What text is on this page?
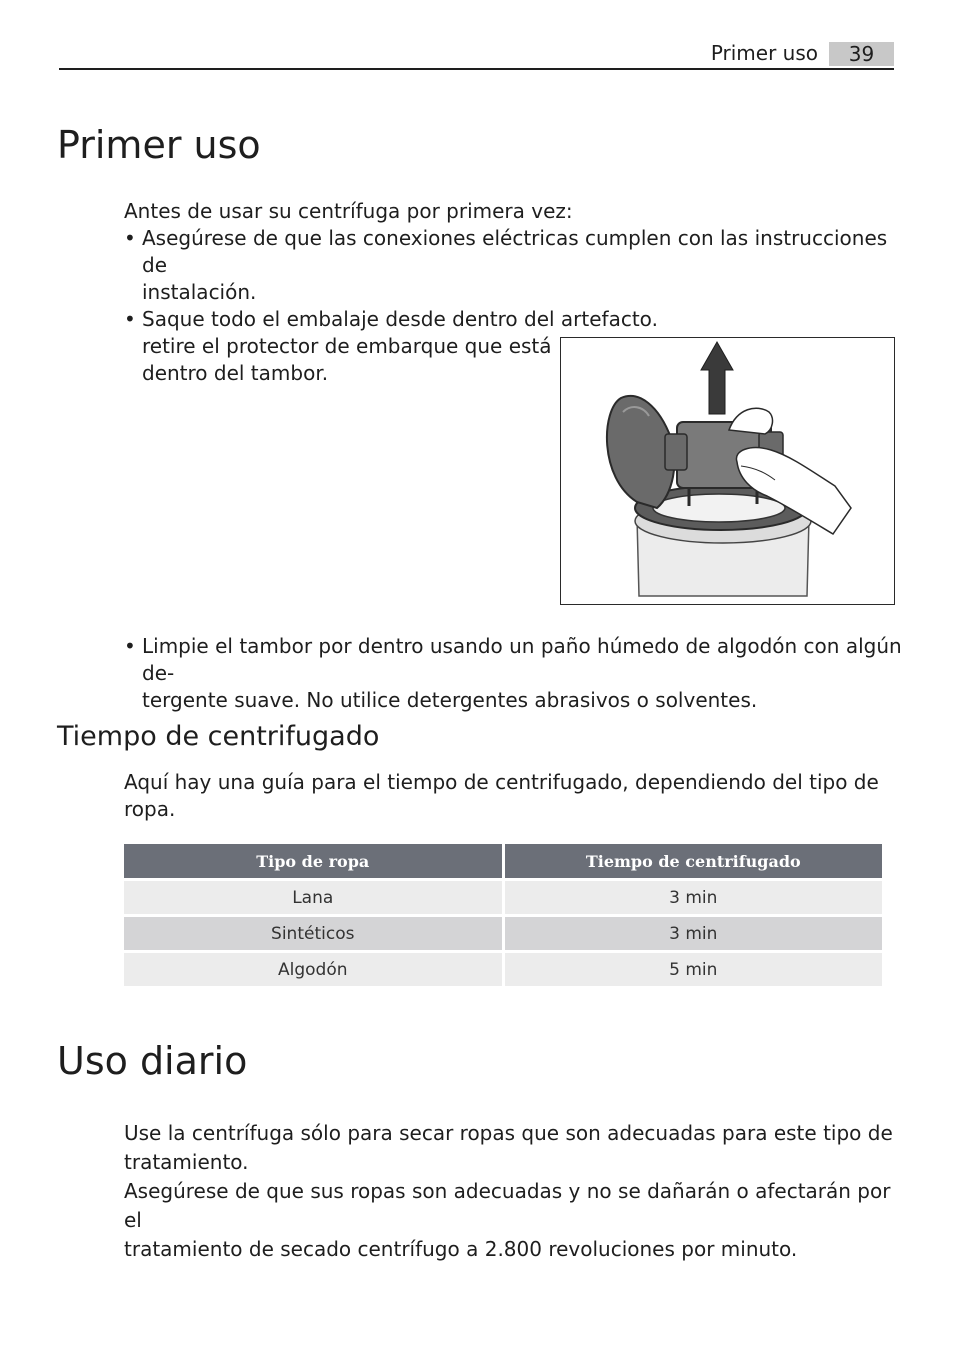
Primer uso	39
Primer uso

Antes de usar su centrífuga por primera vez:

• Asegúrese de que las conexiones eléctricas cumplen con las instrucciones de

instalación.

• Saque todo el embalaje desde dentro del artefacto.

retire el protector de embarque que está

dentro del tambor.

• Limpie el tambor por dentro usando un paño húmedo de algodón con algún de-

tergente suave. No utilice detergentes abrasivos o solventes.

Tiempo de centrifugado

Aquí hay una guía para el tiempo de centrifugado, dependiendo del tipo de ropa.

Tipo de ropa	Tiempo de centrifugado
Lana	3 min
Sintéticos	3 min
Algodón	5 min
Uso diario

Use la centrífuga sólo para secar ropas que son adecuadas para este tipo de

tratamiento.

Asegúrese de que sus ropas son adecuadas y no se dañarán o afectarán por el

tratamiento de secado centrífugo a 2.800 revoluciones por minuto.
